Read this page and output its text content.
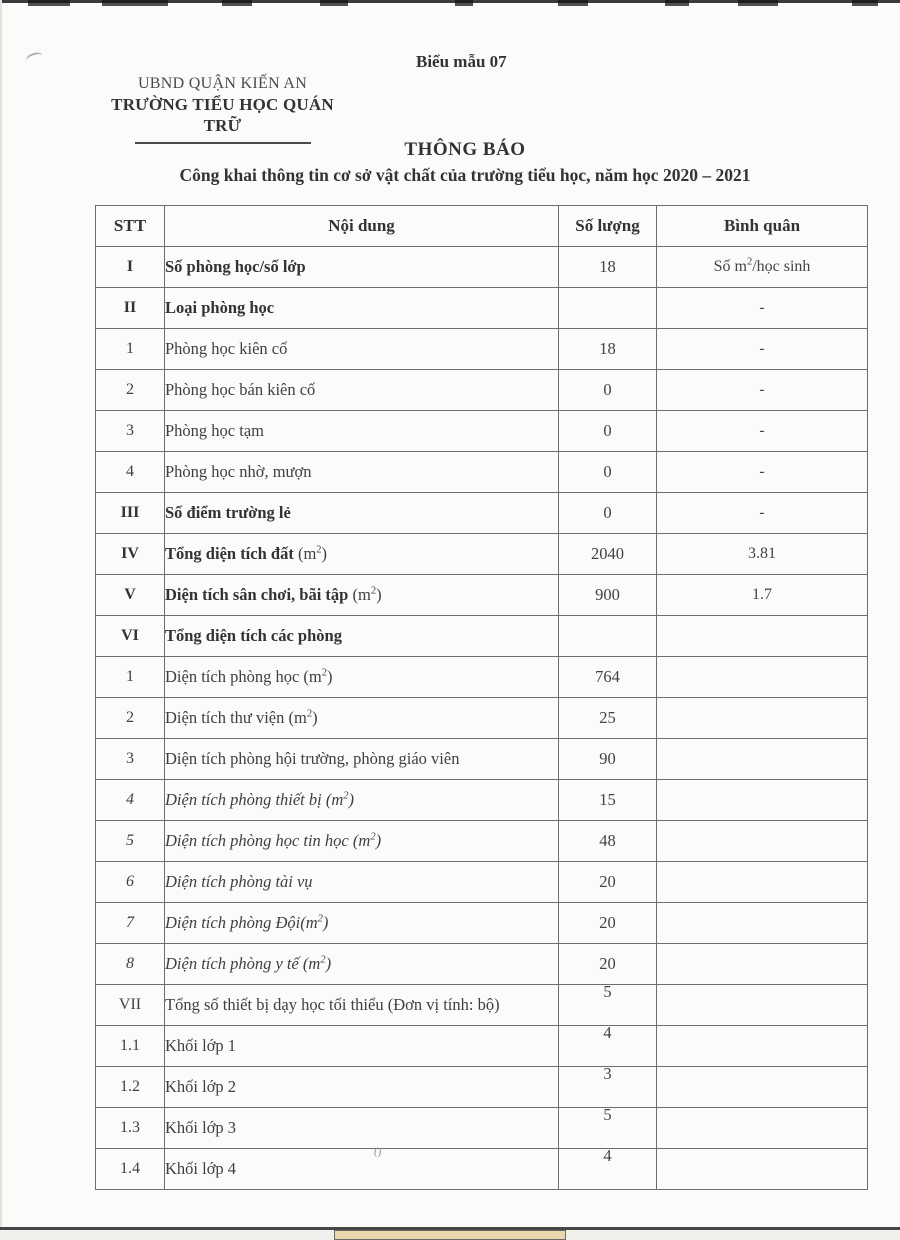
Biểu mẫu 07
UBND QUẬN KIẾN AN
TRƯỜNG TIỂU HỌC QUÁN TRỮ
THÔNG BÁO
Công khai thông tin cơ sở vật chất của trường tiểu học, năm học 2020 – 2021
STT	Nội dung	Số lượng	Bình quân
I	Số phòng học/số lớp	18	Số $m^2$/học sinh
II	Loại phòng học		-
1	Phòng học kiên cố	18	-
2	Phòng học bán kiên cố	0	-
3	Phòng học tạm	0	-
4	Phòng học nhờ, mượn	0	-
III	Số điểm trường lẻ	0	-
IV	Tổng diện tích đất $(m^2)$	2040	3.81
V	Diện tích sân chơi, bãi tập $(m^2)$	900	1.7
VI	Tổng diện tích các phòng		
1	Diện tích phòng học $(m^2)$	764	
2	Diện tích thư viện $(m^2)$	25	
3	Diện tích phòng hội trường, phòng giáo viên	90	
4	Diện tích phòng thiết bị $(m^2)$	15	
5	Diện tích phòng học tin học $(m^2)$	48	
6	Diện tích phòng tài vụ	20	
7	Diện tích phòng $Đội(m^2)$	20	
8	Diện tích phòng y tế $(m^2)$	20	
VII	Tổng số thiết bị dạy học tối thiểu (Đơn vị tính: bộ)	5	
1.1	Khối lớp 1	4	
1.2	Khối lớp 2	3	
1.3	Khối lớp 3	5	
1.4	Khối lớp 4	4	
()
